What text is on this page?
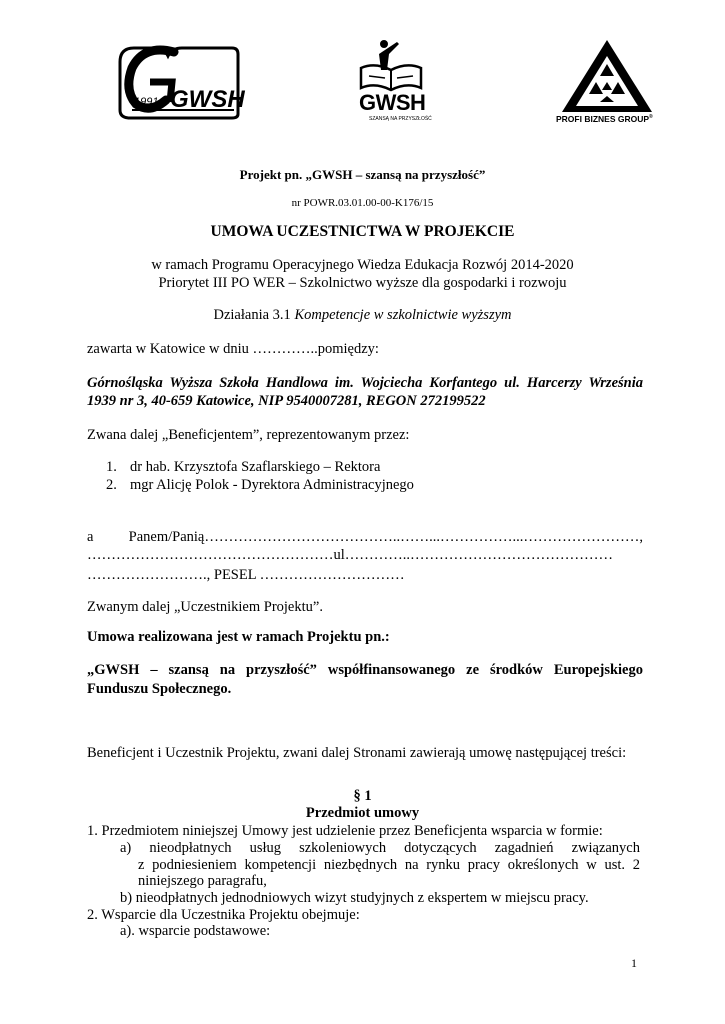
1991 GWSH	GWSH
SZANSĄ NA PRZYSZŁOŚĆ	PROFI BIZNES GROUP®
Projekt pn. „GWSH – szansą na przyszłość”
nr POWR.03.01.00-00-K176/15
UMOWA UCZESTNICTWA W PROJEKCIE
w ramach Programu Operacyjnego Wiedza Edukacja Rozwój 2014-2020
Priorytet III PO WER – Szkolnictwo wyższe dla gospodarki i rozwoju
Działania 3.1 Kompetencje w szkolnictwie wyższym
zawarta w Katowice w dniu …………..pomiędzy:
Górnośląska Wyższa Szkoła Handlowa im. Wojciecha Korfantego ul. Harcerzy Września
1939 nr 3, 40-659 Katowice, NIP 9540007281, REGON 272199522
Zwana dalej „Beneficjentem”, reprezentowanym przez:
1. dr hab. Krzysztofa Szaflarskiego – Rektora
2. mgr Alicję Polok - Dyrektora Administracyjnego
a Panem/Panią…………………………………..……...……………...……………………,
……………………………………………ul…………..……………………………………
……………………., PESEL …………………………
Zwanym dalej „Uczestnikiem Projektu”.
Umowa realizowana jest w ramach Projektu pn.:
„GWSH – szansą na przyszłość” współfinansowanego ze środków Europejskiego
Funduszu Społecznego.
Beneficjent i Uczestnik Projektu, zwani dalej Stronami zawierają umowę następującej treści:
§ 1
Przedmiot umowy
1. Przedmiotem niniejszej Umowy jest udzielenie przez Beneficjenta wsparcia w formie:
a) nieodpłatnych usług szkoleniowych dotyczących zagadnień związanych
z podniesieniem kompetencji niezbędnych na rynku pracy określonych w ust. 2
niniejszego paragrafu,
b) nieodpłatnych jednodniowych wizyt studyjnych z ekspertem w miejscu pracy.
2. Wsparcie dla Uczestnika Projektu obejmuje:
a). wsparcie podstawowe:
1
